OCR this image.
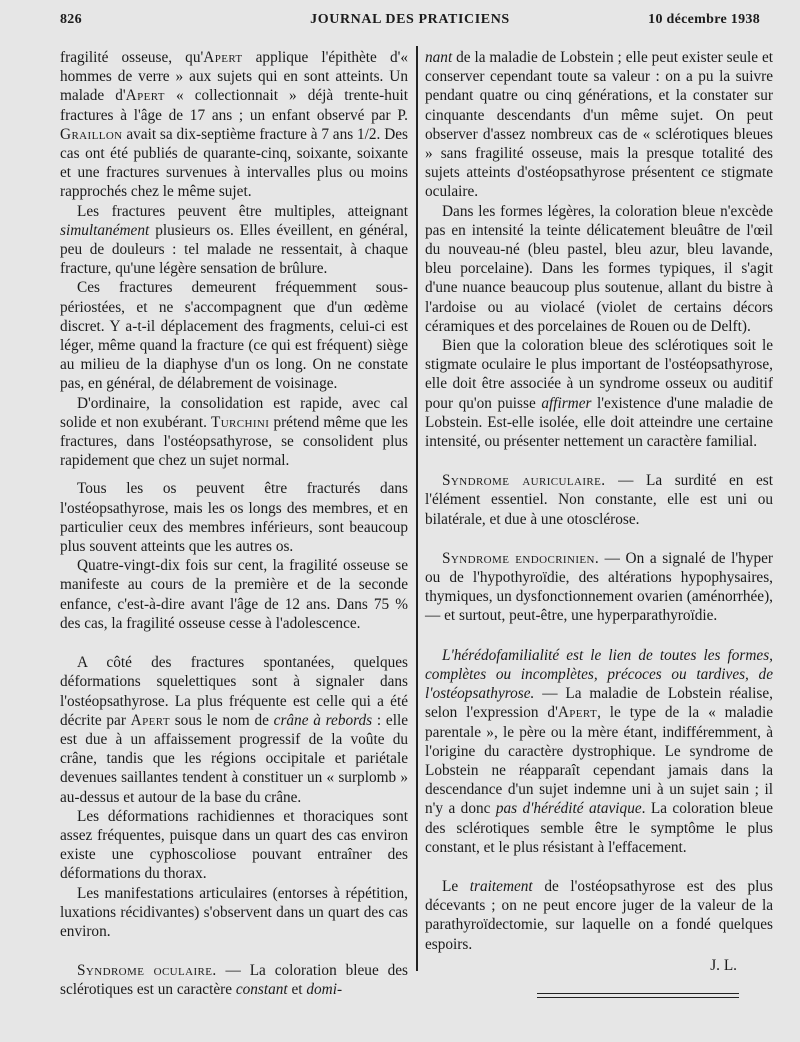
826	JOURNAL DES PRATICIENS	10 décembre 1938

fragilité osseuse, qu'Apert applique l'épithète d'« hommes de verre » aux sujets qui en sont atteints. Un malade d'Apert « collectionnait » déjà trente-huit fractures à l'âge de 17 ans ; un enfant observé par P. Graillon avait sa dix-septième fracture à 7 ans 1/2. Des cas ont été publiés de quarante-cinq, soixante, soixante et une fractures survenues à intervalles plus ou moins rapprochés chez le même sujet.

Les fractures peuvent être multiples, atteignant simultanément plusieurs os. Elles éveillent, en général, peu de douleurs : tel malade ne ressentait, à chaque fracture, qu'une légère sensation de brûlure.

Ces fractures demeurent fréquemment sous-périostées, et ne s'accompagnent que d'un œdème discret. Y a-t-il déplacement des fragments, celui-ci est léger, même quand la fracture (ce qui est fréquent) siège au milieu de la diaphyse d'un os long. On ne constate pas, en général, de délabrement de voisinage.

D'ordinaire, la consolidation est rapide, avec cal solide et non exubérant. Turchini prétend même que les fractures, dans l'ostéopsathyrose, se consolident plus rapidement que chez un sujet normal.

Tous les os peuvent être fracturés dans l'ostéopsathyrose, mais les os longs des membres, et en particulier ceux des membres inférieurs, sont beaucoup plus souvent atteints que les autres os.

Quatre-vingt-dix fois sur cent, la fragilité osseuse se manifeste au cours de la première et de la seconde enfance, c'est-à-dire avant l'âge de 12 ans. Dans 75 % des cas, la fragilité osseuse cesse à l'adolescence.

A côté des fractures spontanées, quelques déformations squelettiques sont à signaler dans l'ostéopsathyrose. La plus fréquente est celle qui a été décrite par Apert sous le nom de crâne à rebords : elle est due à un affaissement progressif de la voûte du crâne, tandis que les régions occipitale et pariétale devenues saillantes tendent à constituer un « surplomb » au-dessus et autour de la base du crâne.

Les déformations rachidiennes et thoraciques sont assez fréquentes, puisque dans un quart des cas environ existe une cyphoscoliose pouvant entraîner des déformations du thorax.

Les manifestations articulaires (entorses à répétition, luxations récidivantes) s'observent dans un quart des cas environ.

Syndrome oculaire. — La coloration bleue des sclérotiques est un caractère constant et domi-

nant de la maladie de Lobstein ; elle peut exister seule et conserver cependant toute sa valeur : on a pu la suivre pendant quatre ou cinq générations, et la constater sur cinquante descendants d'un même sujet. On peut observer d'assez nombreux cas de « sclérotiques bleues » sans fragilité osseuse, mais la presque totalité des sujets atteints d'ostéopsathyrose présentent ce stigmate oculaire.

Dans les formes légères, la coloration bleue n'excède pas en intensité la teinte délicatement bleuâtre de l'œil du nouveau-né (bleu pastel, bleu azur, bleu lavande, bleu porcelaine). Dans les formes typiques, il s'agit d'une nuance beaucoup plus soutenue, allant du bistre à l'ardoise ou au violacé (violet de certains décors céramiques et des porcelaines de Rouen ou de Delft).

Bien que la coloration bleue des sclérotiques soit le stigmate oculaire le plus important de l'ostéopsathyrose, elle doit être associée à un syndrome osseux ou auditif pour qu'on puisse affirmer l'existence d'une maladie de Lobstein. Est-elle isolée, elle doit atteindre une certaine intensité, ou présenter nettement un caractère familial.

Syndrome auriculaire. — La surdité en est l'élément essentiel. Non constante, elle est uni ou bilatérale, et due à une otosclérose.

Syndrome endocrinien. — On a signalé de l'hyper ou de l'hypothyroïdie, des altérations hypophysaires, thymiques, un dysfonctionnement ovarien (aménorrhée), — et surtout, peut-être, une hyperparathyroïdie.

L'hérédofamilialité est le lien de toutes les formes, complètes ou incomplètes, précoces ou tardives, de l'ostéopsathyrose. — La maladie de Lobstein réalise, selon l'expression d'Apert, le type de la « maladie parentale », le père ou la mère étant, indifféremment, à l'origine du caractère dystrophique. Le syndrome de Lobstein ne réapparaît cependant jamais dans la descendance d'un sujet indemne uni à un sujet sain ; il n'y a donc pas d'hérédité atavique. La coloration bleue des sclérotiques semble être le symptôme le plus constant, et le plus résistant à l'effacement.

Le traitement de l'ostéopsathyrose est des plus décevants ; on ne peut encore juger de la valeur de la parathyroïdectomie, sur laquelle on a fondé quelques espoirs.

J. L.
